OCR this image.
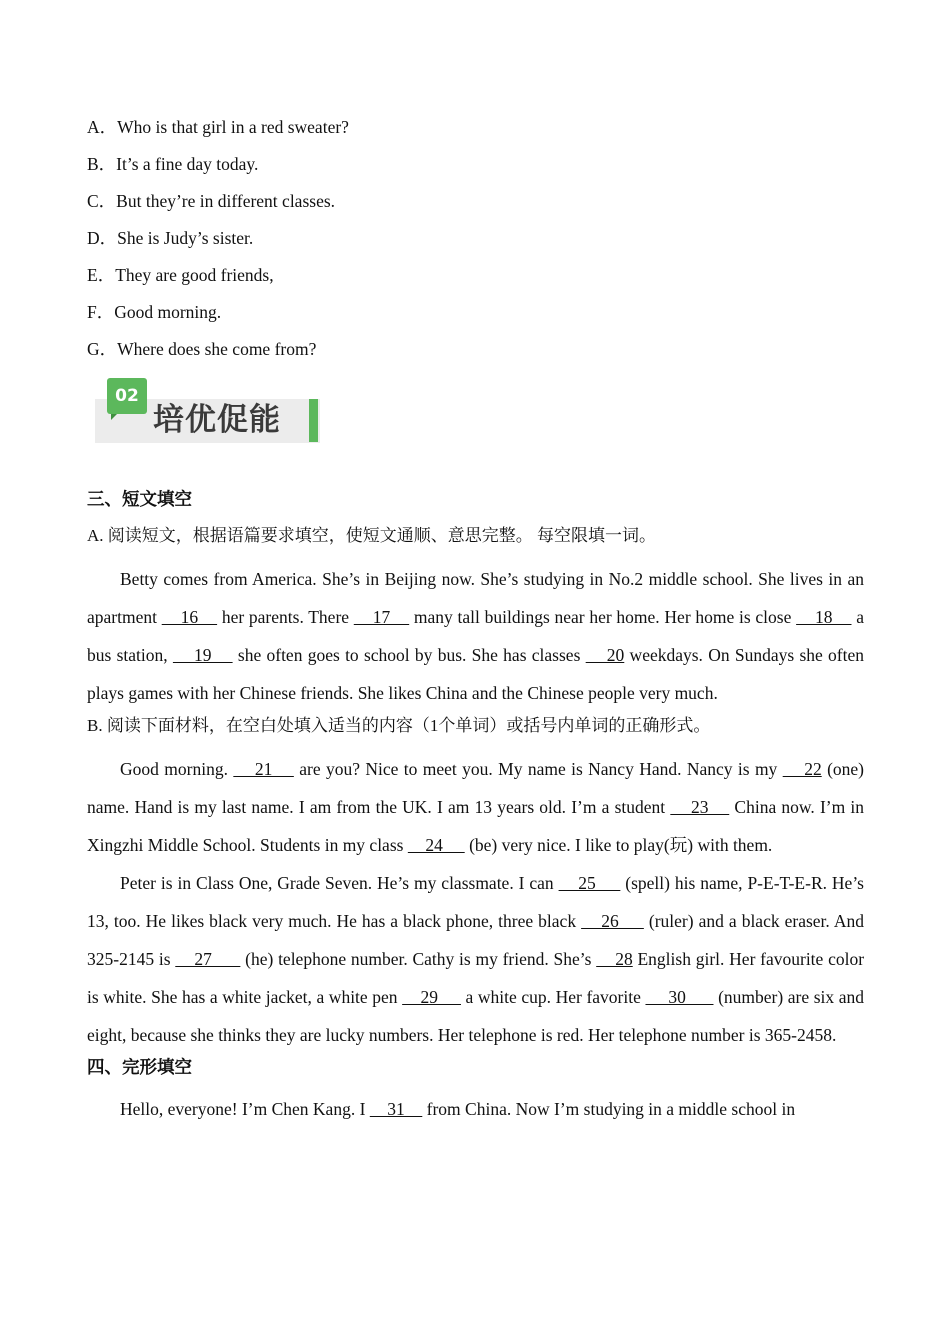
A．Who is that girl in a red sweater?
B．It’s a fine day today.
C．But they’re in different classes.
D．She is Judy’s sister.
E．They are good friends,
F．Good morning.
G．Where does she come from?
02
培优促能
三、短文填空

A. 阅读短文，根据语篇要求填空，使短文通顺、意思完整。 每空限填一词。

Betty comes from America. She’s in Beijing now. She’s studying in No.2 middle school. She lives in an apartment     16     her parents. There     17     many tall buildings near her home. Her home is close     18     a bus station,     19     she often goes to school by bus. She has classes     20 weekdays. On Sundays she often plays games with her Chinese friends. She likes China and the Chinese people very much.

B. 阅读下面材料，在空白处填入适当的内容（1个单词）或括号内单词的正确形式。

Good morning.     21     are you? Nice to meet you. My name is Nancy Hand. Nancy is my     22 (one) name. Hand is my last name. I am from the UK. I am 13 years old. I’m a student     23     China now. I’m in Xingzhi Middle School. Students in my class     24      (be) very nice. I like to play(玩) with them.

Peter is in Class One, Grade Seven. He’s my classmate. I can     25      (spell) his name, P-E-T-E-R. He’s 13, too. He likes black very much. He has a black phone, three black     26      (ruler) and a black eraser. And 325-2145 is     27       (he) telephone number. Cathy is my friend. She’s     28 English girl. Her favourite color is white. She has a white jacket, a white pen     29      a white cup. Her favorite      30       (number) are six and eight, because she thinks they are lucky numbers. Her telephone is red. Her telephone number is 365-2458.

四、完形填空

Hello, everyone! I’m Chen Kang. I     31     from China. Now I’m studying in a middle school in
